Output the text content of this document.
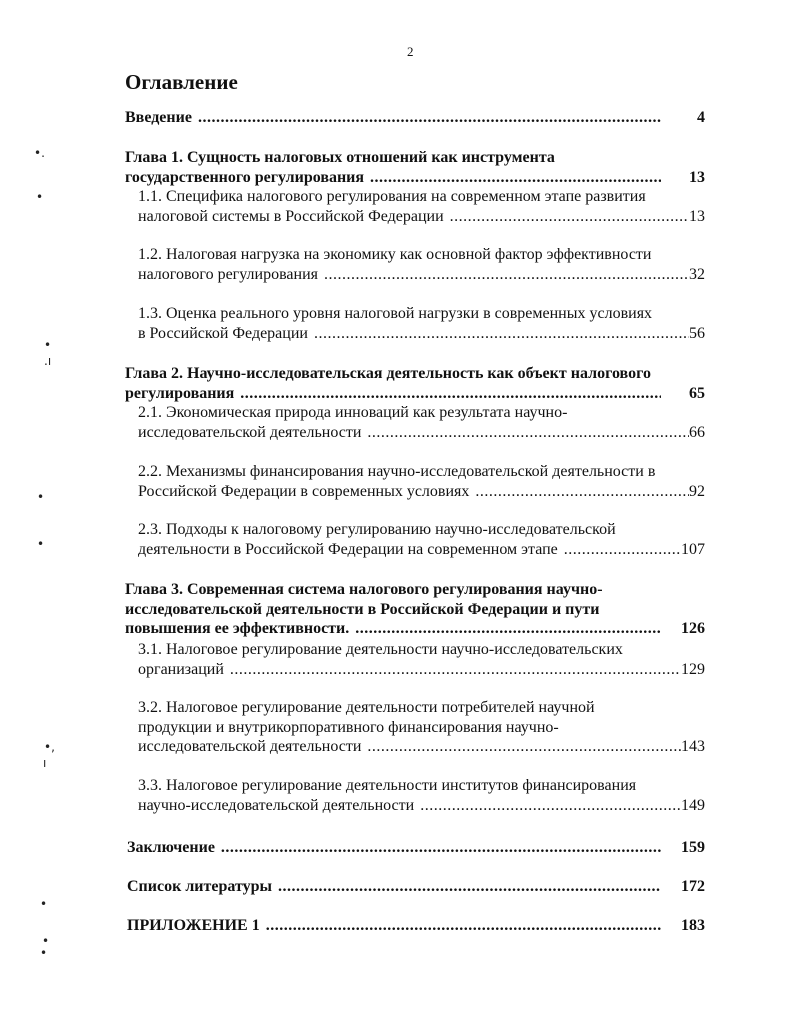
2
Оглавление
Введение .....	4
Глава 1. Сущность налоговых отношений как инструмента
государственного регулирования .....	13
1.1. Специфика налогового регулирования на современном этапе развития
налоговой системы в Российской Федерации .....	13
1.2. Налоговая нагрузка на экономику как основной фактор эффективности
налогового регулирования .....	32
1.3. Оценка реального уровня налоговой нагрузки в современных условиях
в Российской Федерации .....	56
Глава 2. Научно-исследовательская деятельность как объект налогового
регулирования .....	65
2.1. Экономическая природа инноваций как результата научно-
исследовательской деятельности .....	66
2.2. Механизмы финансирования научно-исследовательской деятельности в
Российской Федерации в современных условиях .....	92
2.3. Подходы к налоговому регулированию научно-исследовательской
деятельности в Российской Федерации на современном этапе .....	107
Глава 3. Современная система налогового регулирования научно-
исследовательской деятельности в Российской Федерации и пути
повышения ее эффективности. .....	126
3.1. Налоговое регулирование деятельности научно-исследовательских
организаций .....	129
3.2. Налоговое регулирование деятельности потребителей научной
продукции и внутрикорпоративного финансирования научно-
исследовательской деятельности .....	143
3.3. Налоговое регулирование деятельности институтов финансирования
научно-исследовательской деятельности .....	149
Заключение .....	159
Список литературы .....	172
ПРИЛОЖЕНИЕ 1 .....	183
•.
•
•
.ı
•
•
•,
ı
•
•
•
